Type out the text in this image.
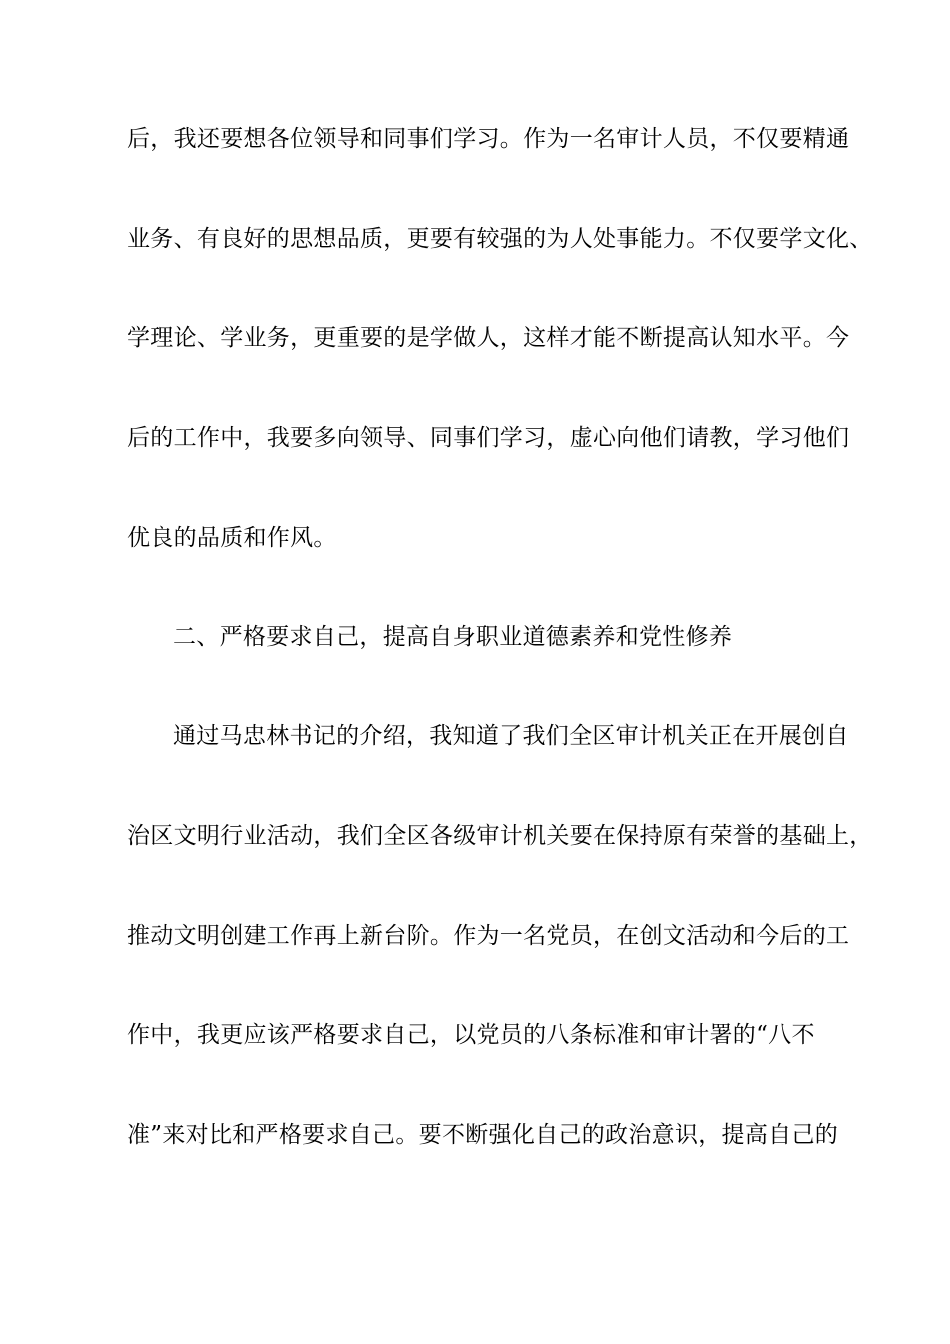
后，我还要想各位领导和同事们学习。作为一名审计人员，不仅要精通
业务、有良好的思想品质，更要有较强的为人处事能力。不仅要学文化、
学理论、学业务，更重要的是学做人，这样才能不断提高认知水平。今
后的工作中，我要多向领导、同事们学习，虚心向他们请教，学习他们
优良的品质和作风。
二、严格要求自己，提高自身职业道德素养和党性修养
通过马忠林书记的介绍，我知道了我们全区审计机关正在开展创自
治区文明行业活动，我们全区各级审计机关要在保持原有荣誉的基础上，
推动文明创建工作再上新台阶。作为一名党员，在创文活动和今后的工
作中，我更应该严格要求自己，以党员的八条标准和审计署的“八不
准”来对比和严格要求自己。要不断强化自己的政治意识，提高自己的
